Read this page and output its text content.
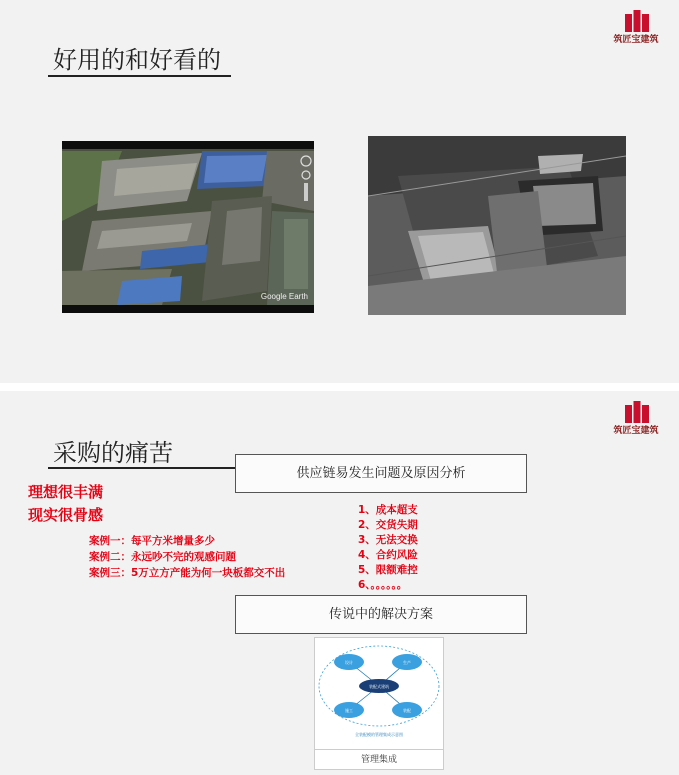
筑匠宝建筑
好用的和好看的
Google Earth
筑匠宝建筑
采购的痛苦
理想很丰满
现实很骨感
案例一：每平方米增量多少
案例二：永远吵不完的观感问题
案例三：5万立方产能为何一块板都交不出
供应链易发生问题及原因分析
1、成本超支
2、交货失期
3、无法交换
4、合约风险
5、限额难控
6、。。。。。。
传说中的解决方案
设计	生产
施工	装配
装配式建筑
全装配模的管理集成示意图
管理集成
